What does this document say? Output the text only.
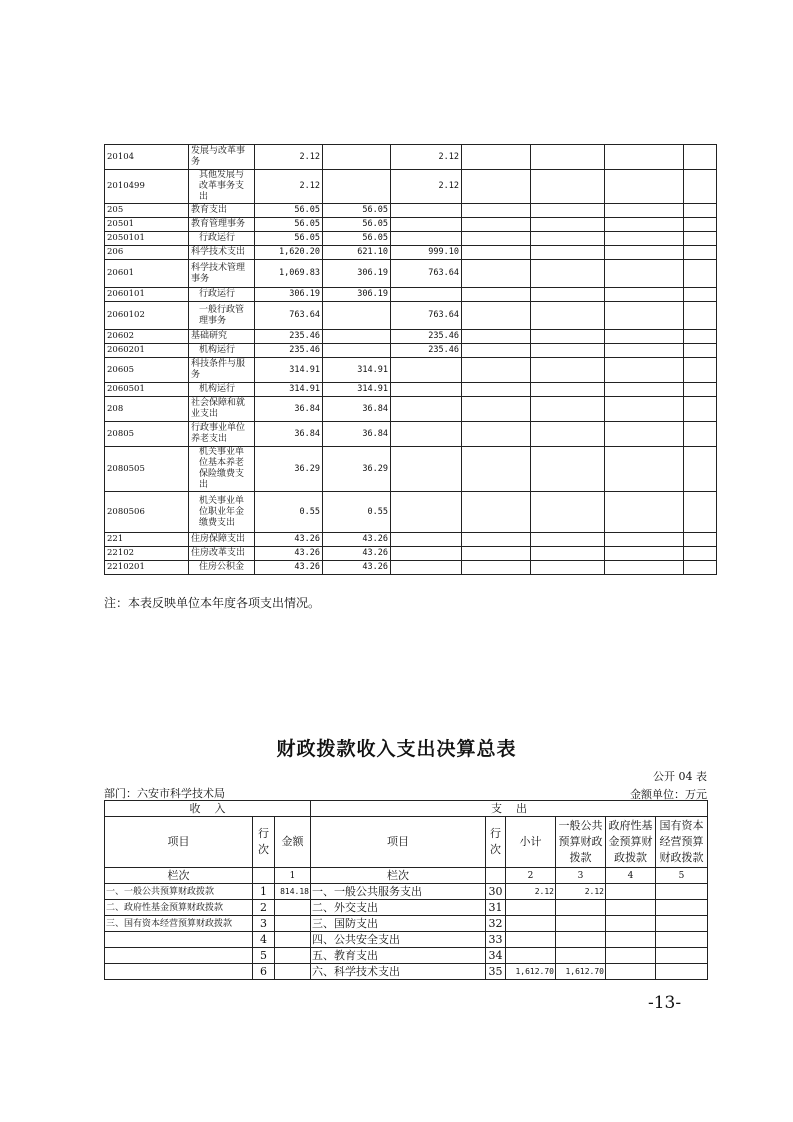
20104	发展与改革事务	2.12		2.12				
2010499	其他发展与改革事务支出	2.12		2.12				
205	教育支出	56.05	56.05					
20501	教育管理事务	56.05	56.05					
2050101	行政运行	56.05	56.05					
206	科学技术支出	1,620.20	621.10	999.10				
20601	科学技术管理事务	1,069.83	306.19	763.64				
2060101	行政运行	306.19	306.19					
2060102	一般行政管理事务	763.64		763.64				
20602	基础研究	235.46		235.46				
2060201	机构运行	235.46		235.46				
20605	科技条件与服务	314.91	314.91					
2060501	机构运行	314.91	314.91					
208	社会保障和就业支出	36.84	36.84					
20805	行政事业单位养老支出	36.84	36.84					
2080505	机关事业单位基本养老保险缴费支出	36.29	36.29					
2080506	机关事业单位职业年金缴费支出	0.55	0.55					
221	住房保障支出	43.26	43.26					
22102	住房改革支出	43.26	43.26					
2210201	住房公积金	43.26	43.26					
注：本表反映单位本年度各项支出情况。
财政拨款收入支出决算总表
公开 04 表
部门：六安市科学技术局	金额单位：万元
收    入			支    出					
项目	行次	金额	项目	行次	小计	一般公共预算财政拨款	政府性基金预算财政拨款	国有资本经营预算财政拨款
栏次		1	栏次		2	3	4	5
一、一般公共预算财政拨款	1	814.18	一、一般公共服务支出	30	2.12	2.12		
二、政府性基金预算财政拨款	2		二、外交支出	31				
三、国有资本经营预算财政拨款	3		三、国防支出	32				
	4		四、公共安全支出	33				
	5		五、教育支出	34				
	6		六、科学技术支出	35	1,612.70	1,612.70		
-13-
